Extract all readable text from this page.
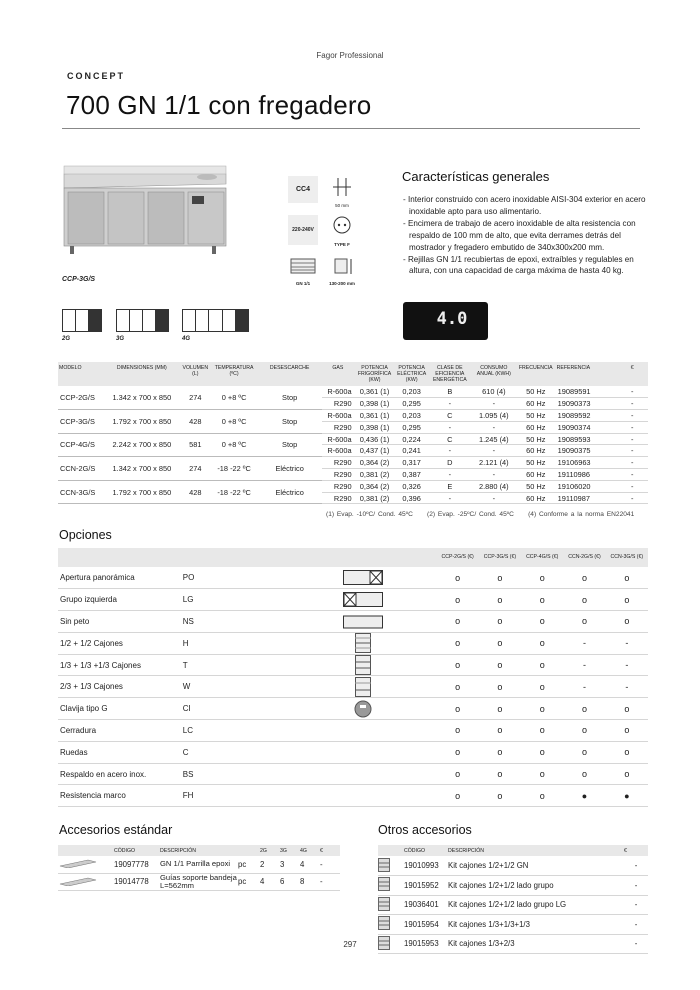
Fagor Professional
CONCEPT
700 GN 1/1 con fregadero
CCP-3G/S
CC4
50 mm
220-240V
TYPE F
GN 1/1	130-200 mm
Características generales
- Interior construido con acero inoxidable AISI-304 exterior en acero inoxidable apto para uso alimentario.
- Encimera de trabajo de acero inoxidable de alta resistencia con respaldo de 100 mm de alto, que evita derrames detrás del mostrador y fregadero embutido de 340x300x200 mm.
- Rejillas GN 1/1 recubiertas de epoxi, extraíbles y regulables en altura, con una capacidad de carga máxima de hasta 40 kg.
4.0
2G	3G	4G
MODELO	DIMENSIONES (MM)	VOLUMEN (L)	TEMPERATURA (ºC)	DESESCARCHE	GAS	POTENCIA FRIGORÍFICA (KW)	POTENCIA ELÉCTRICA (KW)	CLASE DE EFICIENCIA ENERGÉTICA	CONSUMO ANUAL (KWH)	FRECUENCIA	REFERENCIA	€
CCP-2G/S	1.342 x 700 x 850	274	0 +8 ºC	Stop	R-600a	0,361 (1)	0,203	B	610 (4)	50 Hz	19089591	-
					R290	0,398 (1)	0,295	-	-	60 Hz	19090373	-
CCP-3G/S	1.792 x 700 x 850	428	0 +8 ºC	Stop	R-600a	0,361 (1)	0,203	C	1.095 (4)	50 Hz	19089592	-
					R290	0,398 (1)	0,295	-	-	60 Hz	19090374	-
CCP-4G/S	2.242 x 700 x 850	581	0 +8 ºC	Stop	R-600a	0,436 (1)	0,224	C	1.245 (4)	50 Hz	19089593	-
					R-600a	0,437 (1)	0,241	-	-	60 Hz	19090375	-
CCN-2G/S	1.342 x 700 x 850	274	-18 -22 ºC	Eléctrico	R290	0,364 (2)	0,317	D	2.121 (4)	50 Hz	19106963	-
					R290	0,381 (2)	0,387	-	-	60 Hz	19110986	-
CCN-3G/S	1.792 x 700 x 850	428	-18 -22 ºC	Eléctrico	R290	0,364 (2)	0,326	E	2.880 (4)	50 Hz	19106020	-
					R290	0,381 (2)	0,396	-	-	60 Hz	19110987	-
(1) Evap. -10ºC/ Cond. 45ºC     (2) Evap. -25ºC/ Cond. 45ºC     (4) Conforme a la norma EN22041
Opciones
			CCP-2G/S (€)	CCP-3G/S (€)	CCP-4G/S (€)	CCN-2G/S (€)	CCN-3G/S (€)
Apertura panorámica	PO		o	o	o	o	o
Grupo izquierda	LG		o	o	o	o	o
Sin peto	NS		o	o	o	o	o
1/2 + 1/2 Cajones	H		o	o	o	-	-
1/3 + 1/3 +1/3 Cajones	T		o	o	o	-	-
2/3 + 1/3 Cajones	W		o	o	o	-	-
Clavija tipo G	CI		o	o	o	o	o
Cerradura	LC		o	o	o	o	o
Ruedas	C		o	o	o	o	o
Respaldo en acero inox.	BS		o	o	o	o	o
Resistencia marco	FH		o	o	o	●	●
Accesorios estándar
	CÓDIGO	DESCRIPCIÓN		2G	3G	4G	€
	19097778	GN 1/1 Parrilla epoxi	pc	2	3	4	-
	19014778	Guías soporte bandeja L=562mm	pc	4	6	8	-
Otros accesorios
	CÓDIGO	DESCRIPCIÓN	€
	19010993	Kit cajones 1/2+1/2 GN	-
	19015952	Kit cajones 1/2+1/2 lado grupo	-
	19036401	Kit cajones 1/2+1/2 lado grupo LG	-
	19015954	Kit cajones 1/3+1/3+1/3	-
	19015953	Kit cajones 1/3+2/3	-
297
